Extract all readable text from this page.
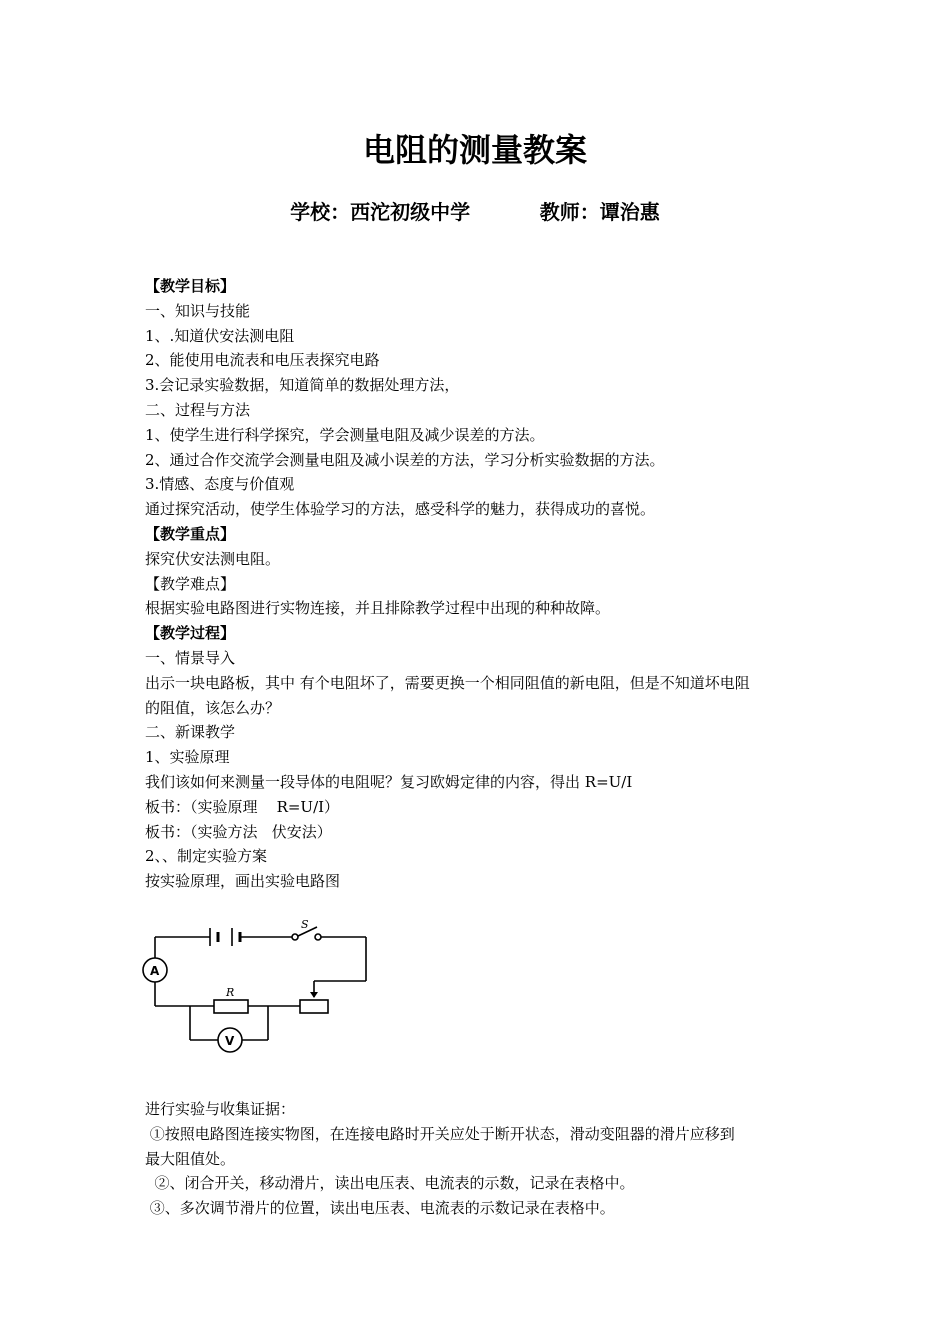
电阻的测量教案
学校：西沱初级中学          教师：谭治惠
【教学目标】
一、知识与技能
1、.知道伏安法测电阻
2、能使用电流表和电压表探究电路
3.会记录实验数据，知道简单的数据处理方法，
二、过程与方法
1、使学生进行科学探究，学会测量电阻及减少误差的方法。
2、通过合作交流学会测量电阻及减小误差的方法，学习分析实验数据的方法。
3.情感、态度与价值观
通过探究活动，使学生体验学习的方法，感受科学的魅力，获得成功的喜悦。
【教学重点】
探究伏安法测电阻。
【教学难点】
根据实验电路图进行实物连接，并且排除教学过程中出现的种种故障。
【教学过程】
一、情景导入
出示一块电路板，其中 有个电阻坏了，需要更换一个相同阻值的新电阻，但是不知道坏电阻
的阻值，该怎么办？
二、新课教学
1、实验原理
我们该如何来测量一段导体的电阻呢？复习欧姆定律的内容，得出 R=U/I
板书：（实验原理    R=U/I）
板书：（实验方法   伏安法）
2、、制定实验方案
按实验原理，画出实验电路图
S
R
A
V
进行实验与收集证据：
①按照电路图连接实物图，在连接电路时开关应处于断开状态，滑动变阻器的滑片应移到
最大阻值处。
②、闭合开关，移动滑片，读出电压表、电流表的示数，记录在表格中。
③、多次调节滑片的位置，读出电压表、电流表的示数记录在表格中。
